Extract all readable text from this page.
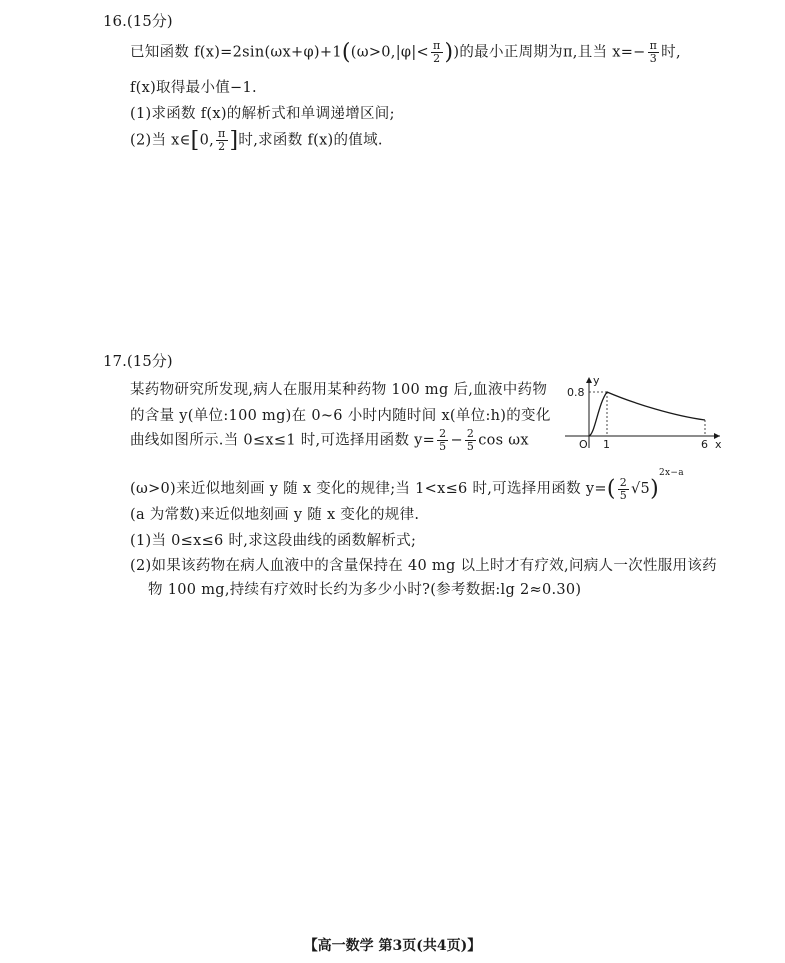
16.(15分)
已知函数 $f(x)=2\sin(\omega x+\varphi)+1((\omega>0,|\varphi|< \frac{\pi}{2}$ ))的最小正周期为π,且当 $x=- \frac{\pi}{3}$ 时,
f(x)取得最小值−1.
(1)求函数 f(x)的解析式和单调递增区间;
(2)当 x∈[0, $\frac{\pi}{2}$ ]时,求函数 f(x)的值域.
17.(15分)
某药物研究所发现,病人在服用某种药物 100 mg 后,血液中药物
的含量 y(单位:100 mg)在 0~6 小时内随时间 x(单位:h)的变化
曲线如图所示.当 0≤x≤1 时,可选择用函数 $y= \frac{2}{5} - \frac{2}{5}$ cos ωx
(ω>0)来近似地刻画 y 随 x 变化的规律;当 1<x≤6 时,可选择用函数 $y=( \frac{2}{5} √5)^{2x-a}$
(a 为常数)来近似地刻画 y 随 x 变化的规律.
(1)当 0≤x≤6 时,求这段曲线的函数解析式;
(2)如果该药物在病人血液中的含量保持在 40 mg 以上时才有疗效,问病人一次性服用该药
物 100 mg,持续有疗效时长约为多少小时?(参考数据:lg 2≈0.30)
y
x
O
0.8
1	6
【高一数学 第3页(共4页)】
